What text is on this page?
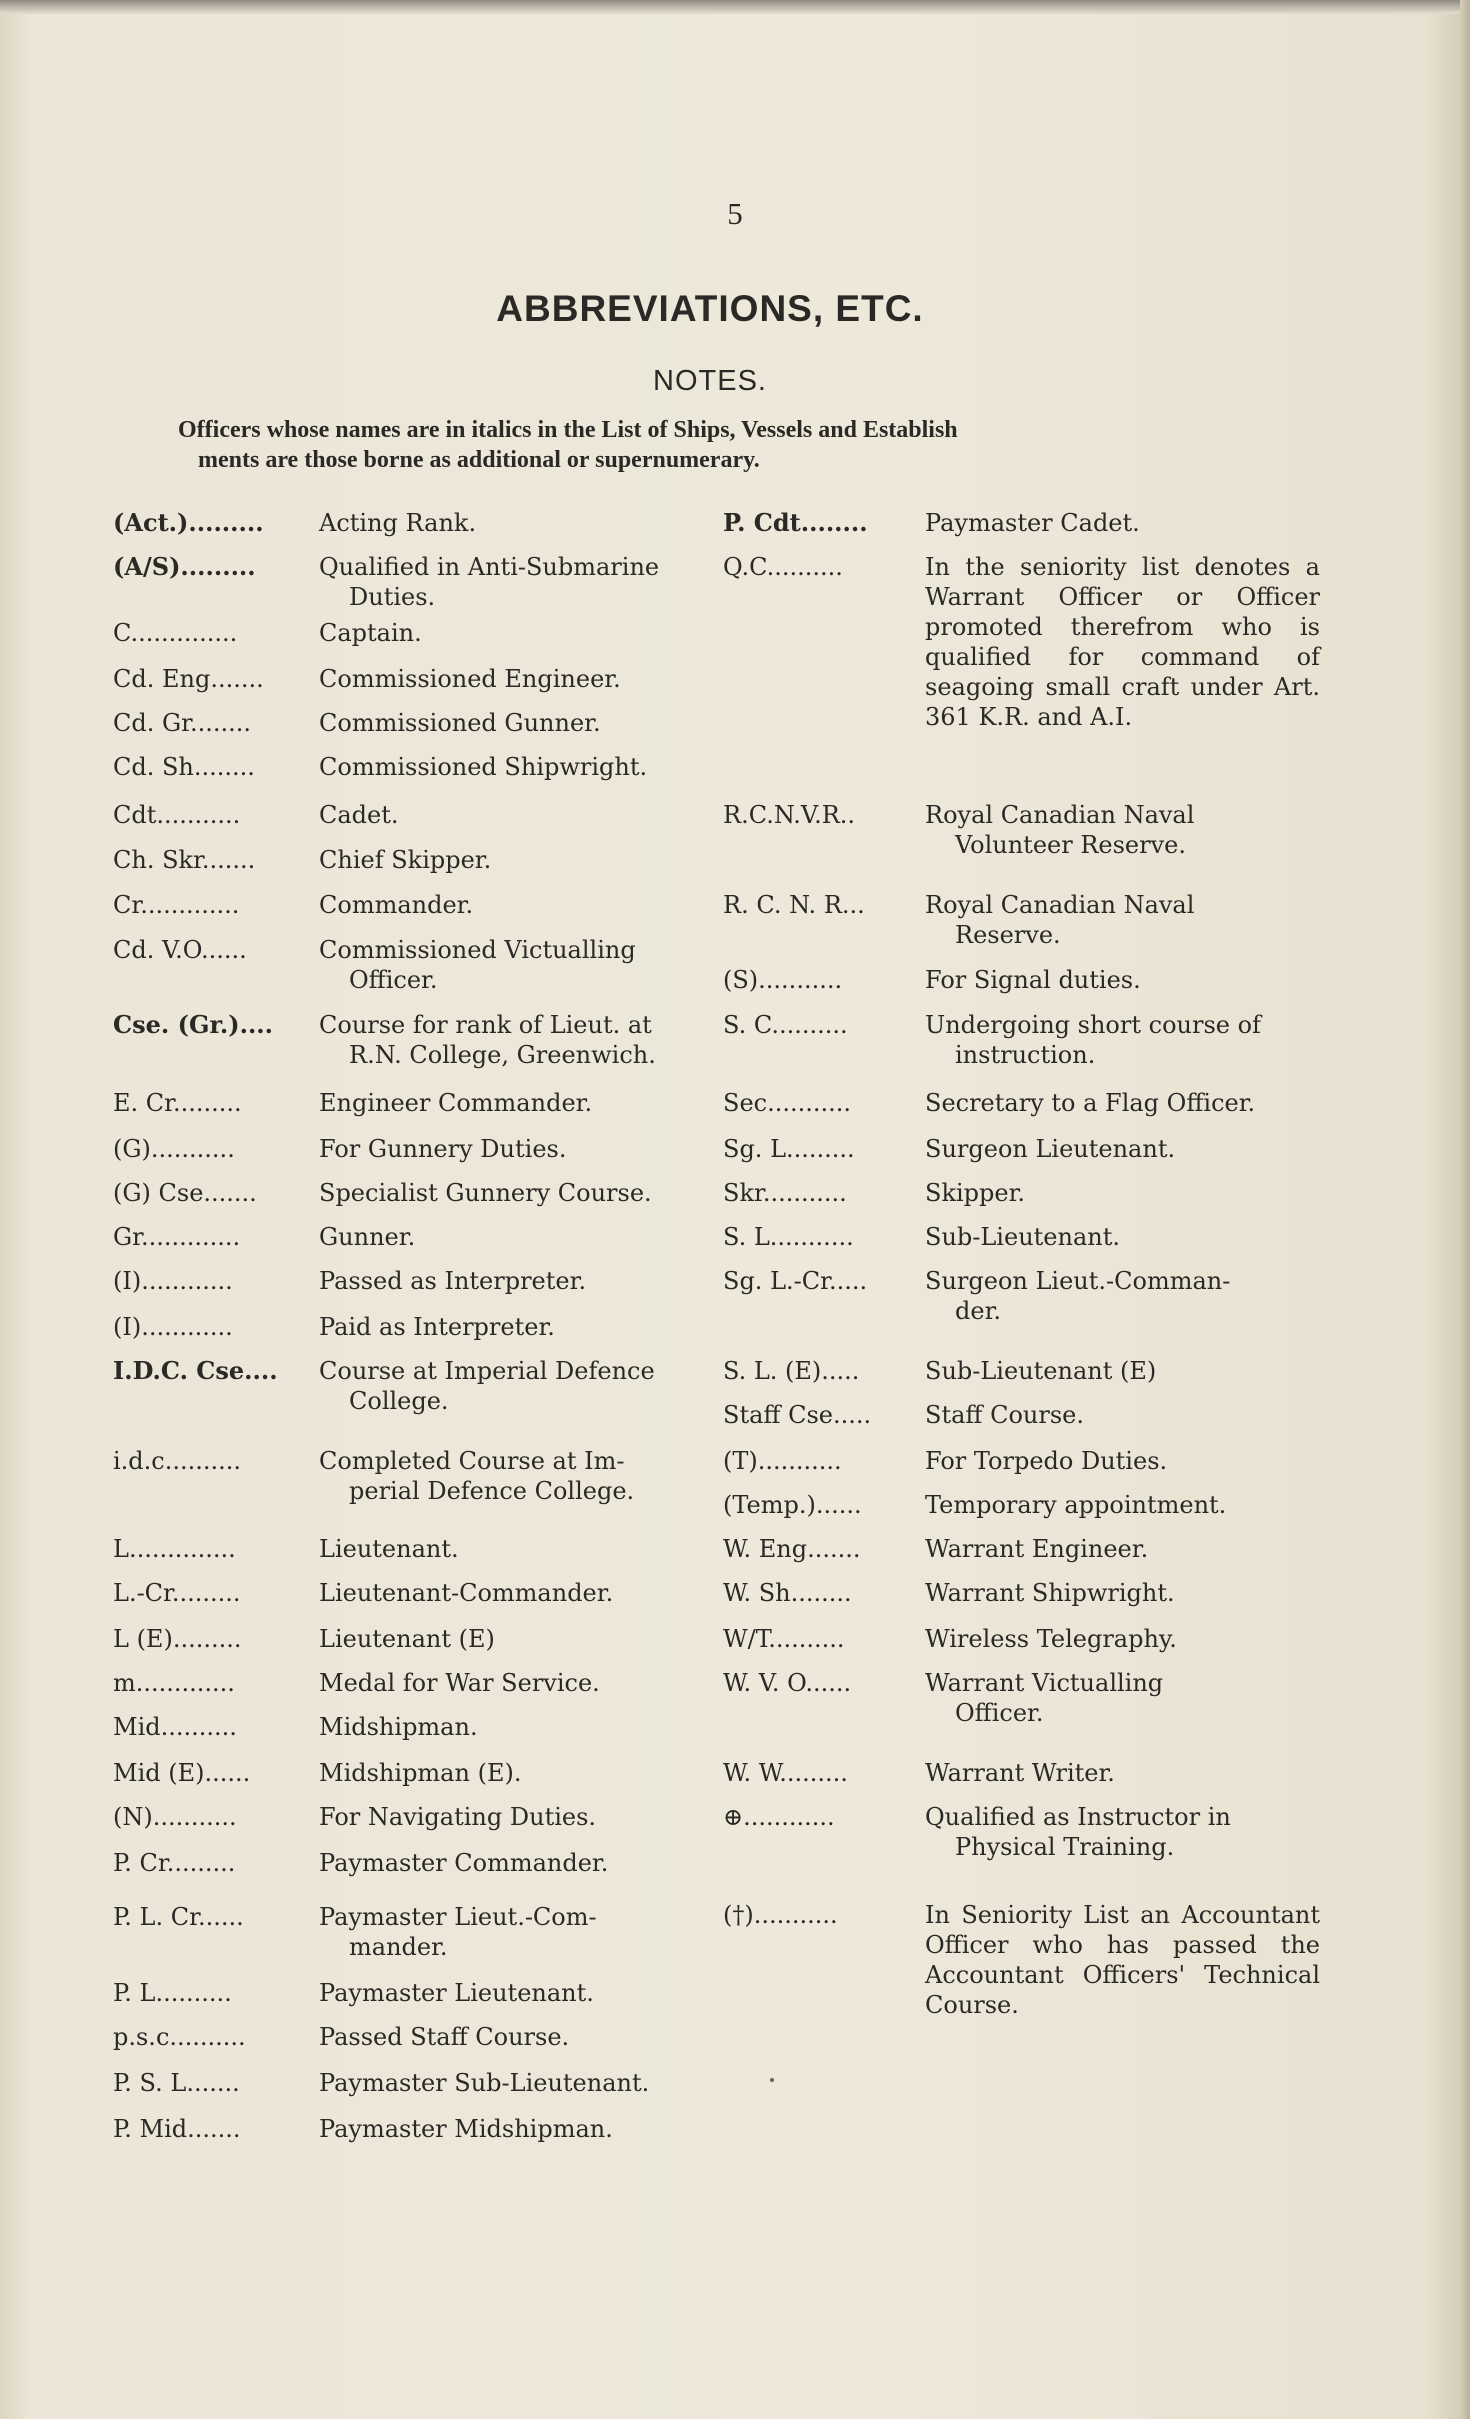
5
ABBREVIATIONS, ETC.
NOTES.
Officers whose names are in italics in the List of Ships, Vessels and Establish
ments are those borne as additional or supernumerary.
(Act.)......... Acting Rank.
(A/S).........	Qualified in Anti-Submarine
Duties.
C..............	Captain.
Cd. Eng....... Commissioned Engineer.
Cd. Gr........	Commissioned Gunner.
Cd. Sh........	Commissioned Shipwright.
Cdt...........	Cadet.
Ch. Skr.......	Chief Skipper.
Cr.............	Commander.
Cd. V.O......	Commissioned Victualling
Officer.
Cse. (Gr.).... Course for rank of Lieut. at
R.N. College, Greenwich.
E. Cr.........	Engineer Commander.
(G)...........	For Gunnery Duties.
(G) Cse.......	Specialist Gunnery Course.
Gr.............	Gunner.
(I)............	Passed as Interpreter.
(I)............	Paid as Interpreter.
I.D.C. Cse.... Course at Imperial Defence
College.
i.d.c..........	Completed Course at Im-
perial Defence College.
L..............	Lieutenant.
L.-Cr.........	Lieutenant-Commander.
L (E).........	Lieutenant (E)
m.............	Medal for War Service.
Mid..........	Midshipman.
Mid (E)......	Midshipman (E).
(N)...........	For Navigating Duties.
P. Cr.........	Paymaster Commander.
P. L. Cr......	Paymaster Lieut.-Com-
mander.
P. L..........	Paymaster Lieutenant.
p.s.c..........	Passed Staff Course.
P. S. L.......	Paymaster Sub-Lieutenant.
P. Mid.......	Paymaster Midshipman.
P. Cdt........ Paymaster Cadet.
Q.C..........	In the seniority list denotes a Warrant Officer or Officer promoted therefrom who is qualified for command of seagoing small craft under Art. 361 K.R. and A.I.
R.C.N.V.R..	Royal Canadian Naval
Volunteer Reserve.
R. C. N. R...	Royal Canadian Naval
Reserve.
(S)...........	For Signal duties.
S. C..........	Undergoing short course of
instruction.
Sec...........	Secretary to a Flag Officer.
Sg. L.........	Surgeon Lieutenant.
Skr...........	Skipper.
S. L...........	Sub-Lieutenant.
Sg. L.-Cr..... Surgeon Lieut.-Comman-
der.
S. L. (E).....	Sub-Lieutenant (E)
Staff Cse..... Staff Course.
(T)...........	For Torpedo Duties.
(Temp.)......	Temporary appointment.
W. Eng.......	Warrant Engineer.
W. Sh........	Warrant Shipwright.
W/T..........	Wireless Telegraphy.
W. V. O......	Warrant Victualling
Officer.
W. W.........	Warrant Writer.
⊕............	Qualified as Instructor in
Physical Training.
(†)...........	In Seniority List an Accountant Officer who has passed the Accountant Officers' Technical Course.
